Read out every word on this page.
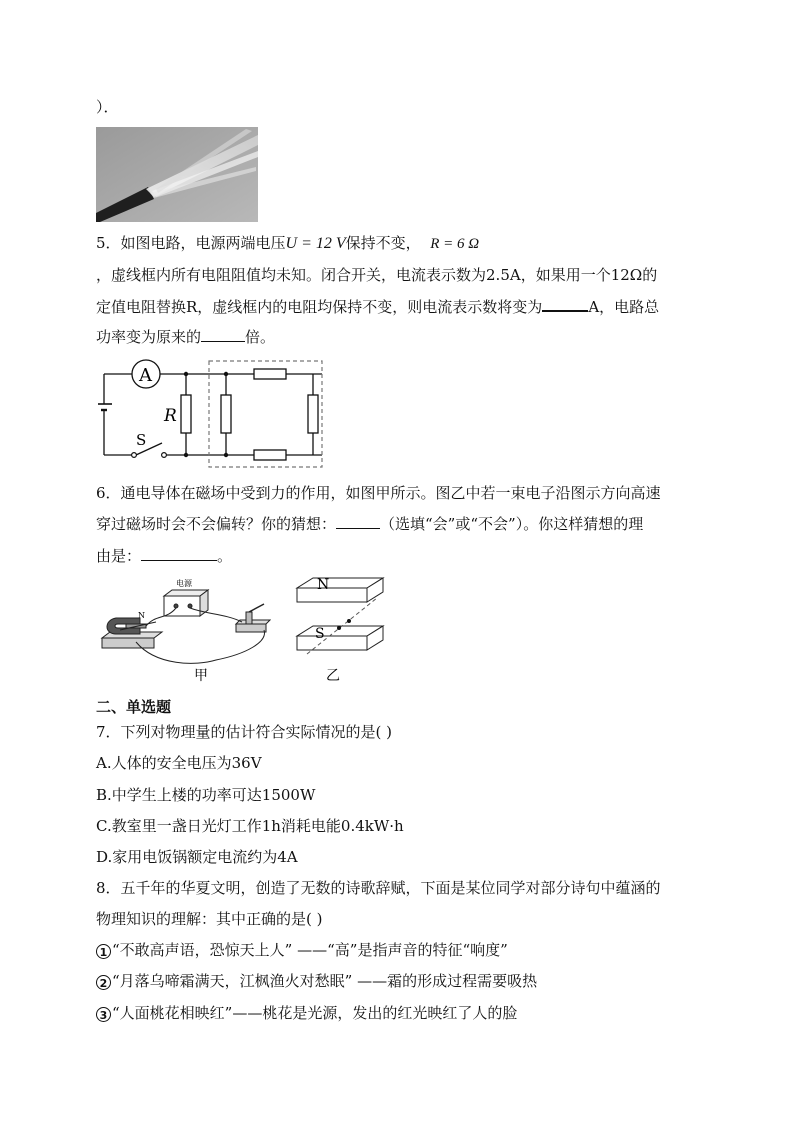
）．
5．如图电路，电源两端电压U = 12 V保持不变， R = 6 Ω
，虚线框内所有电阻阻值均未知。闭合开关，电流表示数为2.5A，如果用一个12Ω的
定值电阻替换R，虚线框内的电阻均保持不变，则电流表示数将变为	A，电路总
功率变为原来的	倍。
A
R
S
6．通电导体在磁场中受到力的作用，如图甲所示。图乙中若一束电子沿图示方向高速
穿过磁场时会不会偏转？你的猜想：	（选填“会”或“不会”）。你这样猜想的理
由是：	。
电源
N
甲
N
S
乙
二、单选题
7．下列对物理量的估计符合实际情况的是( )
A.人体的安全电压为36V
B.中学生上楼的功率可达1500W
C.教室里一盏日光灯工作1h消耗电能0.4kW·h
D.家用电饭锅额定电流约为4A
8．五千年的华夏文明，创造了无数的诗歌辞赋，下面是某位同学对部分诗句中蕴涵的
物理知识的理解：其中正确的是( )
1 “不敢高声语，恐惊天上人” ——“高”是指声音的特征“响度”
2 “月落乌啼霜满天，江枫渔火对愁眠” ——霜的形成过程需要吸热
3 “人面桃花相映红”——桃花是光源，发出的红光映红了人的脸
